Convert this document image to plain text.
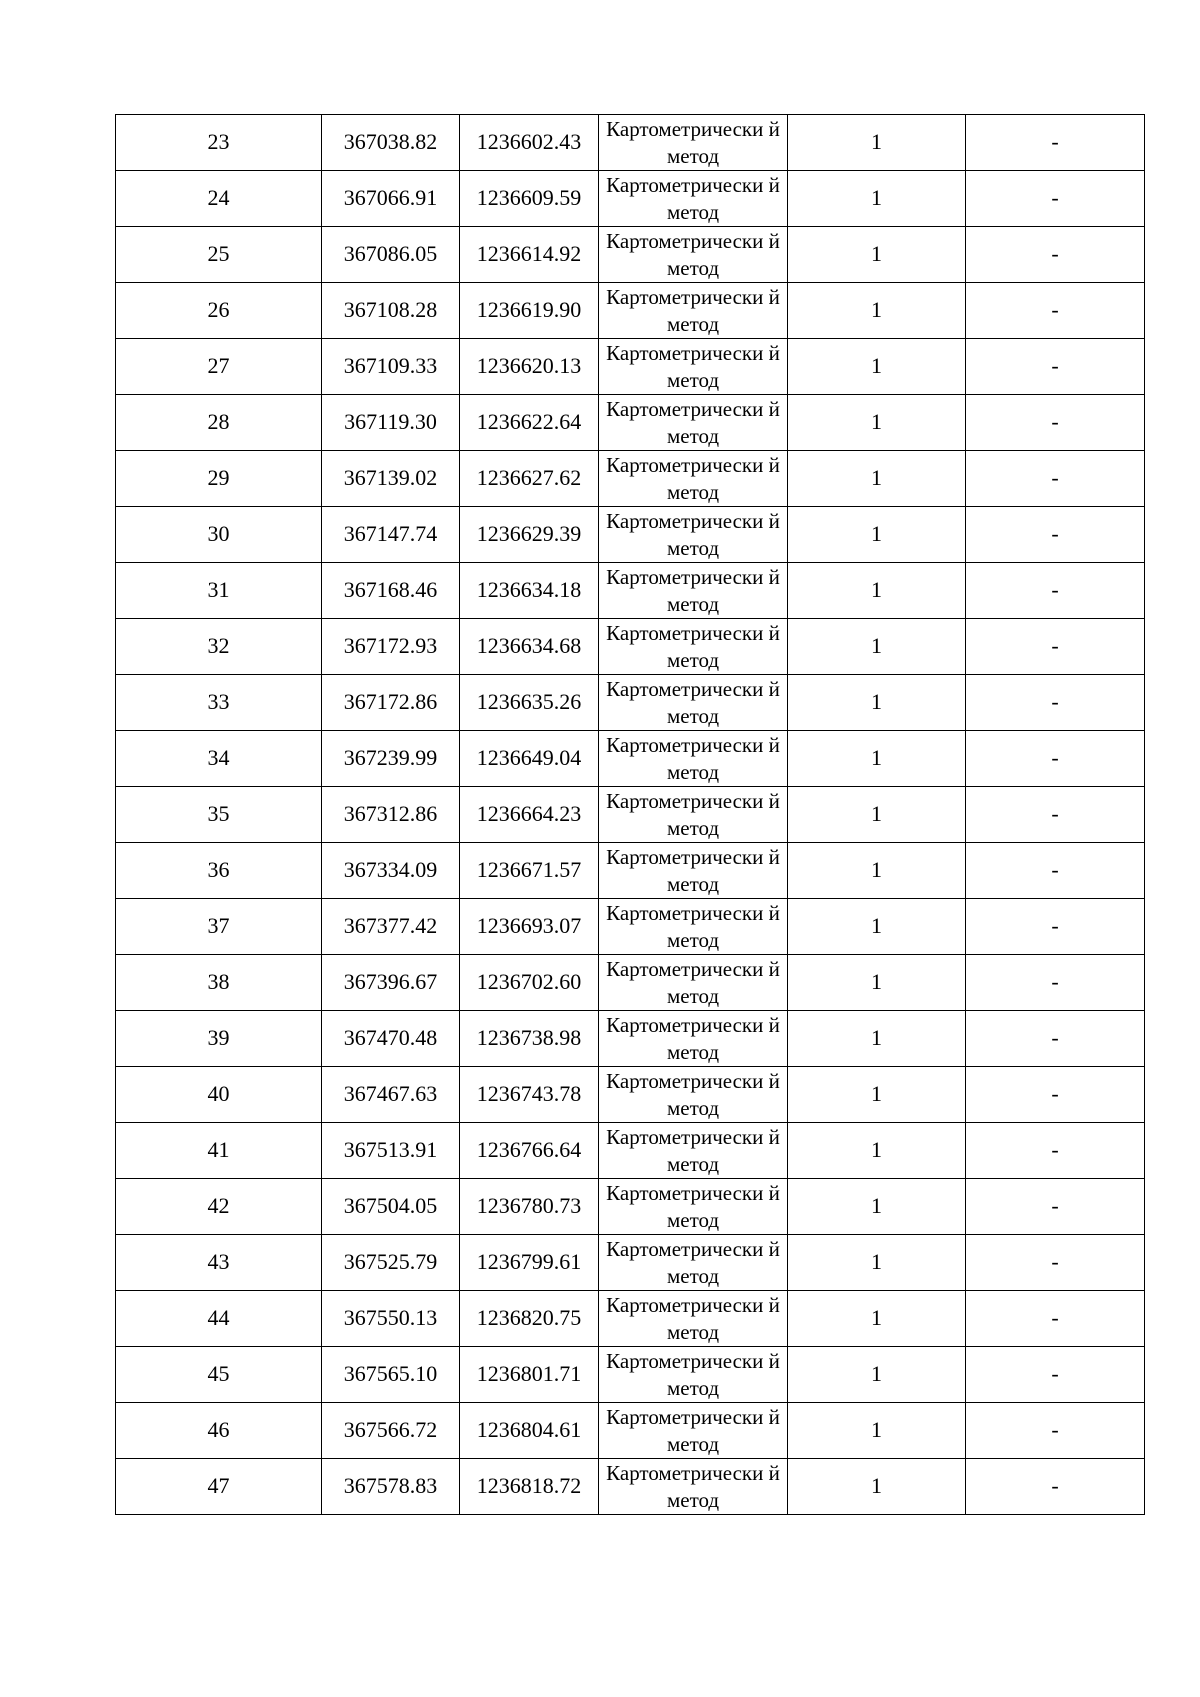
23	367038.82	1236602.43	Картометрически й метод	1	-
24	367066.91	1236609.59	Картометрически й метод	1	-
25	367086.05	1236614.92	Картометрически й метод	1	-
26	367108.28	1236619.90	Картометрически й метод	1	-
27	367109.33	1236620.13	Картометрически й метод	1	-
28	367119.30	1236622.64	Картометрически й метод	1	-
29	367139.02	1236627.62	Картометрически й метод	1	-
30	367147.74	1236629.39	Картометрически й метод	1	-
31	367168.46	1236634.18	Картометрически й метод	1	-
32	367172.93	1236634.68	Картометрически й метод	1	-
33	367172.86	1236635.26	Картометрически й метод	1	-
34	367239.99	1236649.04	Картометрически й метод	1	-
35	367312.86	1236664.23	Картометрически й метод	1	-
36	367334.09	1236671.57	Картометрически й метод	1	-
37	367377.42	1236693.07	Картометрически й метод	1	-
38	367396.67	1236702.60	Картометрически й метод	1	-
39	367470.48	1236738.98	Картометрически й метод	1	-
40	367467.63	1236743.78	Картометрически й метод	1	-
41	367513.91	1236766.64	Картометрически й метод	1	-
42	367504.05	1236780.73	Картометрически й метод	1	-
43	367525.79	1236799.61	Картометрически й метод	1	-
44	367550.13	1236820.75	Картометрически й метод	1	-
45	367565.10	1236801.71	Картометрически й метод	1	-
46	367566.72	1236804.61	Картометрически й метод	1	-
47	367578.83	1236818.72	Картометрически й метод	1	-
